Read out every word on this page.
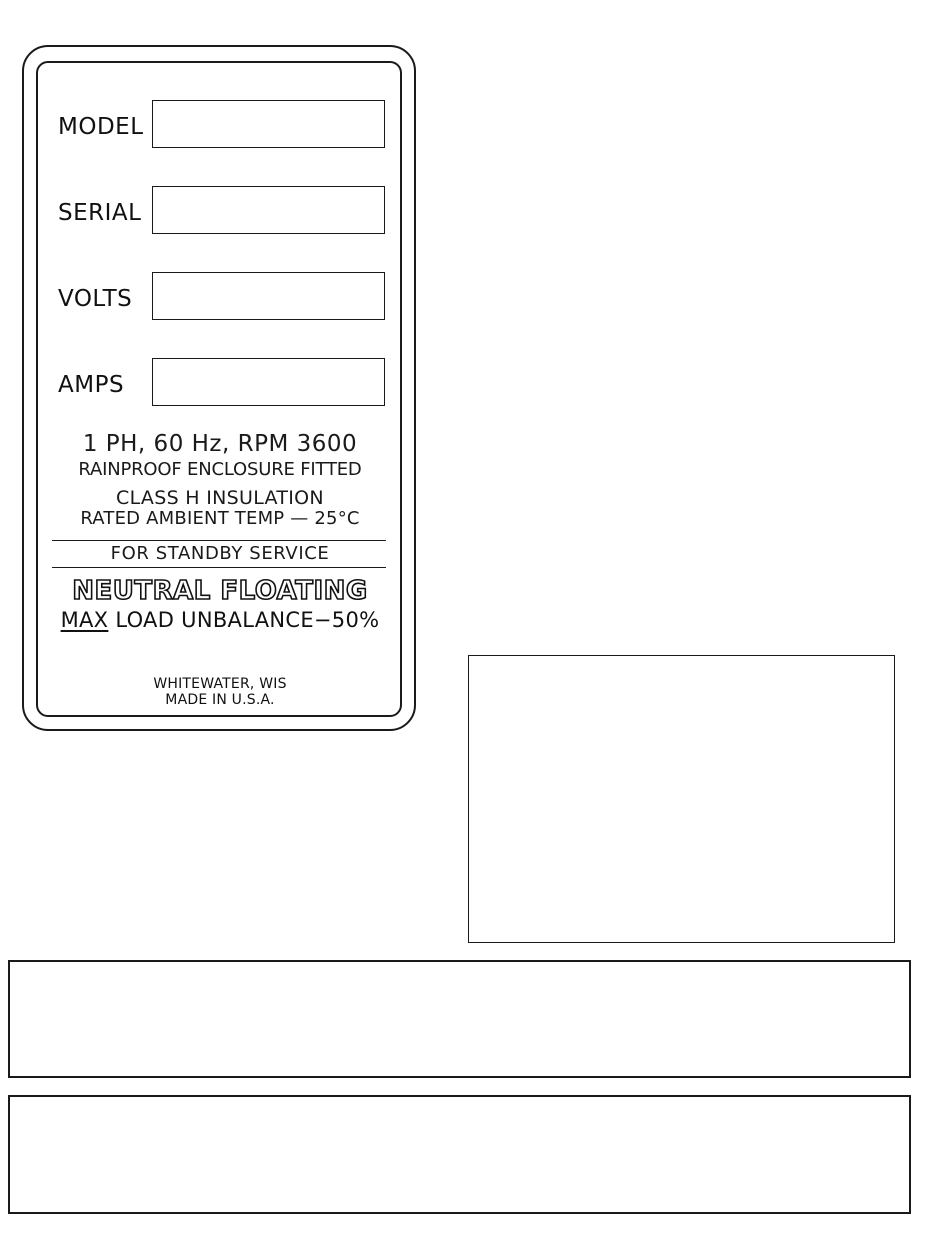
MODEL
SERIAL
VOLTS
AMPS
1 PH, 60 Hz, RPM 3600
RAINPROOF ENCLOSURE FITTED
CLASS H INSULATION
RATED AMBIENT TEMP — 25°C
FOR STANDBY SERVICE
NEUTRAL FLOATING
MAX LOAD UNBALANCE−50%
WHITEWATER, WIS
MADE IN U.S.A.
